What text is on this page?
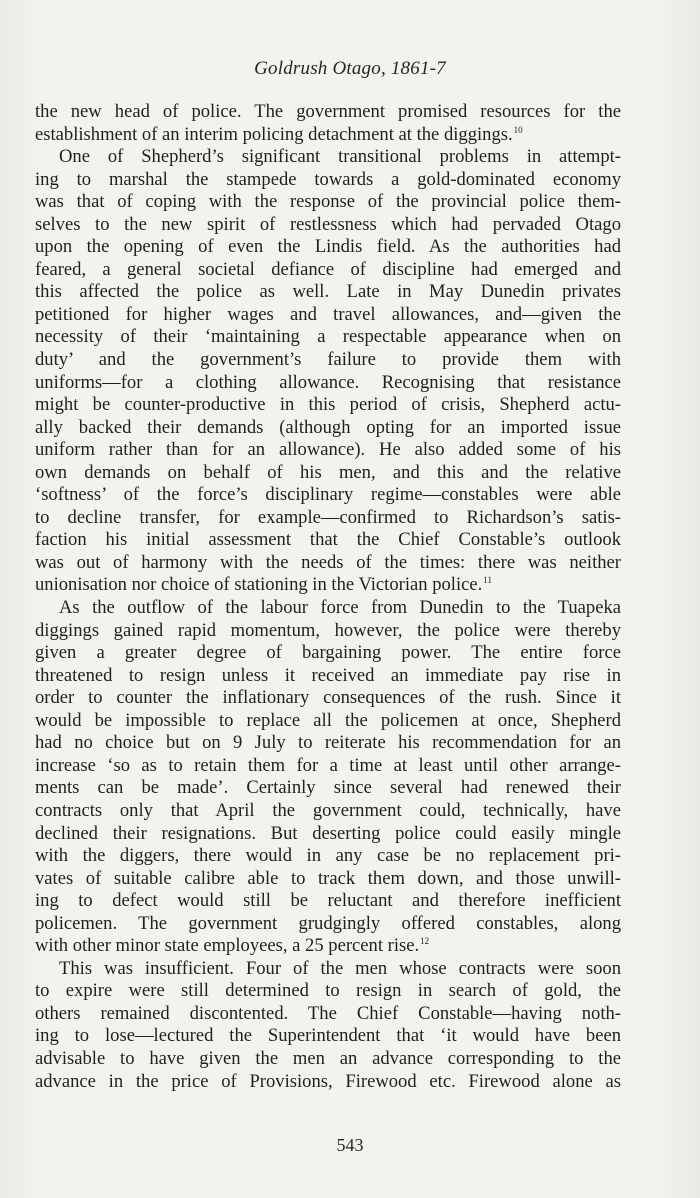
Goldrush Otago, 1861-7
the new head of police. The government promised resources for the
establishment of an interim policing detachment at the diggings.$^{10}$
One of Shepherd’s significant transitional problems in attempt-
ing to marshal the stampede towards a gold-dominated economy
was that of coping with the response of the provincial police them-
selves to the new spirit of restlessness which had pervaded Otago
upon the opening of even the Lindis field. As the authorities had
feared, a general societal defiance of discipline had emerged and
this affected the police as well. Late in May Dunedin privates
petitioned for higher wages and travel allowances, and—given the
necessity of their ‘maintaining a respectable appearance when on
duty’ and the government’s failure to provide them with
uniforms—for a clothing allowance. Recognising that resistance
might be counter-productive in this period of crisis, Shepherd actu-
ally backed their demands (although opting for an imported issue
uniform rather than for an allowance). He also added some of his
own demands on behalf of his men, and this and the relative
‘softness’ of the force’s disciplinary regime—constables were able
to decline transfer, for example—confirmed to Richardson’s satis-
faction his initial assessment that the Chief Constable’s outlook
was out of harmony with the needs of the times: there was neither
unionisation nor choice of stationing in the Victorian police.$^{11}$
As the outflow of the labour force from Dunedin to the Tuapeka
diggings gained rapid momentum, however, the police were thereby
given a greater degree of bargaining power. The entire force
threatened to resign unless it received an immediate pay rise in
order to counter the inflationary consequences of the rush. Since it
would be impossible to replace all the policemen at once, Shepherd
had no choice but on 9 July to reiterate his recommendation for an
increase ‘so as to retain them for a time at least until other arrange-
ments can be made’. Certainly since several had renewed their
contracts only that April the government could, technically, have
declined their resignations. But deserting police could easily mingle
with the diggers, there would in any case be no replacement pri-
vates of suitable calibre able to track them down, and those unwill-
ing to defect would still be reluctant and therefore inefficient
policemen. The government grudgingly offered constables, along
with other minor state employees, a 25 percent rise.$^{12}$
This was insufficient. Four of the men whose contracts were soon
to expire were still determined to resign in search of gold, the
others remained discontented. The Chief Constable—having noth-
ing to lose—lectured the Superintendent that ‘it would have been
advisable to have given the men an advance corresponding to the
advance in the price of Provisions, Firewood etc. Firewood alone as
543
